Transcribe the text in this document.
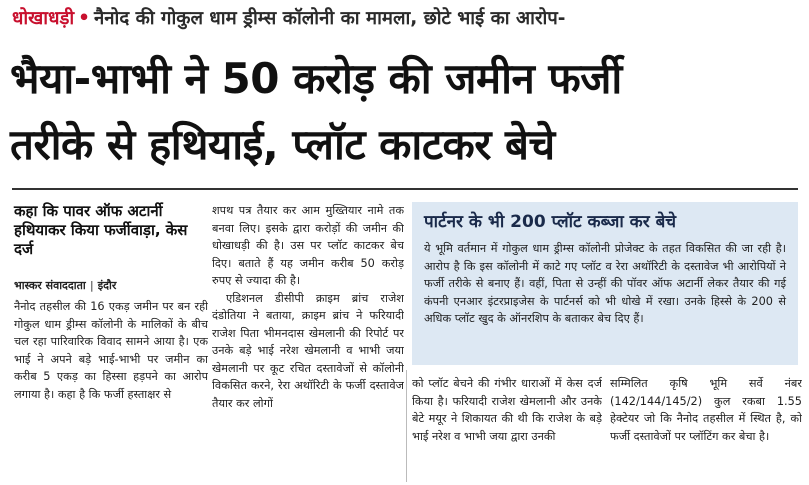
धोखाधड़ी • नैनोद की गोकुल धाम ड्रीम्स कॉलोनी का मामला, छोटे भाई का आरोप-
भैया-भाभी ने 50 करोड़ की जमीन फर्जी
तरीके से हथियाई, प्लॉट काटकर बेचे
कहा कि पावर ऑफ अटार्नी हथियाकर किया फर्जीवाड़ा, केस दर्ज
भास्कर संवाददाता | इंदौर

नैनोद तहसील की 16 एकड़ जमीन पर बन रही गोकुल धाम ड्रीम्स कॉलोनी के मालिकों के बीच चल रहा पारिवारिक विवाद सामने आया है। एक भाई ने अपने बड़े भाई-भाभी पर जमीन का करीब 5 एकड़ का हिस्सा हड़पने का आरोप लगाया है। कहा है कि फर्जी हस्ताक्षर से

शपथ पत्र तैयार कर आम मुख्तियार नामे तक बनवा लिए। इसके द्वारा करोड़ों की जमीन की धोखाधड़ी की है। उस पर प्लॉट काटकर बेच दिए। बताते हैं यह जमीन करीब 50 करोड़ रुपए से ज्यादा की है।

एडिशनल डीसीपी क्राइम ब्रांच राजेश दंडोतिया ने बताया, क्राइम ब्रांच ने फरियादी राजेश पिता भीमनदास खेमलानी की रिपोर्ट पर उनके बड़े भाई नरेश खेमलानी व भाभी जया खेमलानी पर कूट रचित दस्तावेजों से कॉलोनी विकसित करने, रेरा अथॉरिटी के फर्जी दस्तावेज तैयार कर लोगों

पार्टनर के भी 200 प्लॉट कब्जा कर बेचे
ये भूमि वर्तमान में गोकुल धाम ड्रीम्स कॉलोनी प्रोजेक्ट के तहत विकसित की जा रही है। आरोप है कि इस कॉलोनी में काटे गए प्लॉट व रेरा अथॉरिटी के दस्तावेज भी आरोपियों ने फर्जी तरीके से बनाए हैं। वहीं, पिता से उन्हीं की पॉवर ऑफ अटार्नी लेकर तैयार की गई कंपनी एनआर इंटरप्राइजेस के पार्टनर्स को भी धोखे में रखा। उनके हिस्से के 200 से अधिक प्लॉट खुद के ऑनरशिप के बताकर बेच दिए हैं।

को प्लॉट बेचने की गंभीर धाराओं में केस दर्ज किया है। फरियादी राजेश खेमलानी और उनके बेटे मयूर ने शिकायत की थी कि राजेश के बड़े भाई नरेश व भाभी जया द्वारा उनकी

सम्मिलित कृषि भूमि सर्वे नंबर (142/144/145/2) कुल रकबा 1.55 हेक्टेयर जो कि नैनोद तहसील में स्थित है, को फर्जी दस्तावेजों पर प्लॉटिंग कर बेचा है।
